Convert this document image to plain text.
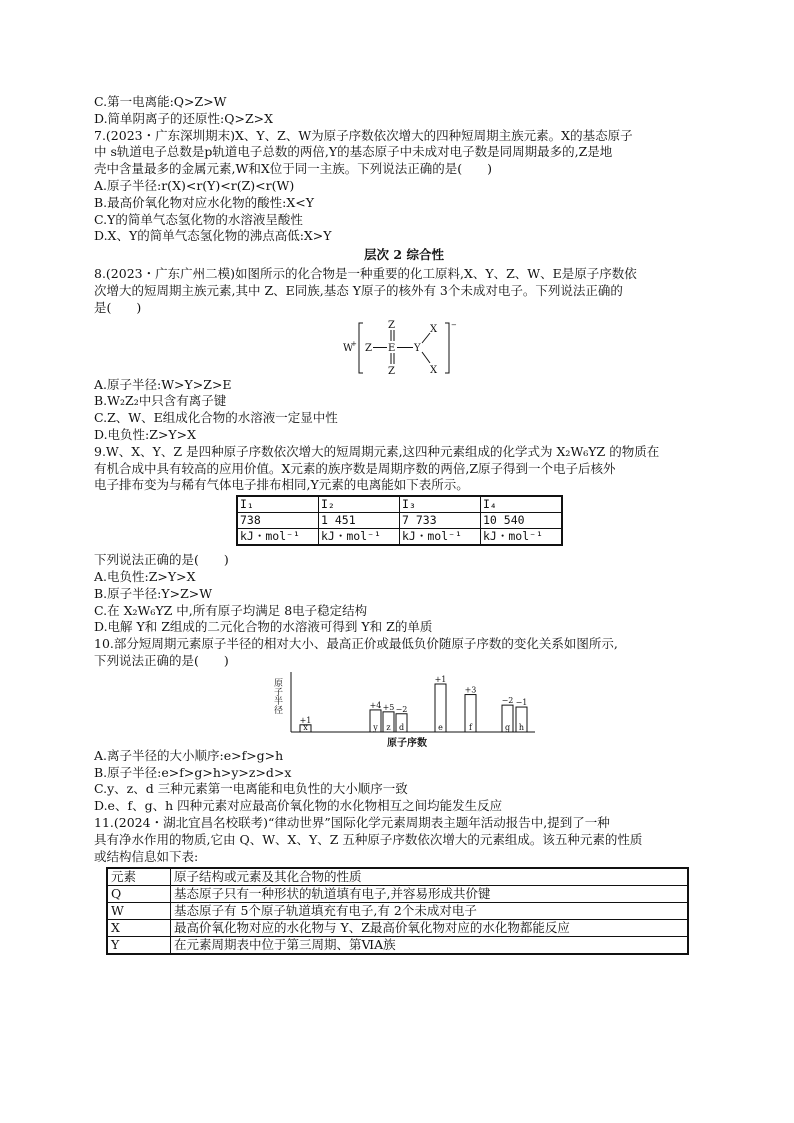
C.第一电离能:Q>Z>W
D.简单阴离子的还原性:Q>Z>X
7.(2023・广东深圳期末)X、Y、Z、W为原子序数依次增大的四种短周期主族元素。X的基态原子
中 s轨道电子总数是p轨道电子总数的两倍,Y的基态原子中未成对电子数是同周期最多的,Z是地
壳中含量最多的金属元素,W和X位于同一主族。下列说法正确的是(　　)
A.原子半径:r(X)<r(Y)<r(Z)<r(W)
B.最高价氧化物对应水化物的酸性:X<Y
C.Y的简单气态氢化物的水溶液呈酸性
D.X、Y的简单气态氢化物的沸点高低:X>Y
层次 2 综合性
8.(2023・广东广州二模)如图所示的化合物是一种重要的化工原料,X、Y、Z、W、E是原子序数依
次增大的短周期主族元素,其中 Z、E同族,基态 Y原子的核外有 3个未成对电子。下列说法正确的
是(　　)
W
+
−
Z E
Z
Z
Y
X
X
A.原子半径:W>Y>Z>E
B.W₂Z₂中只含有离子键
C.Z、W、E组成化合物的水溶液一定显中性
D.电负性:Z>Y>X
9.W、X、Y、Z 是四种原子序数依次增大的短周期元素,这四种元素组成的化学式为 X₂W₆YZ 的物质在
有机合成中具有较高的应用价值。X元素的族序数是周期序数的两倍,Z原子得到一个电子后核外
电子排布变为与稀有气体电子排布相同,Y元素的电离能如下表所示。
I₁	I₂	I₃	I₄
738	1 451	7 733	10 540
kJ・mol⁻¹	kJ・mol⁻¹	kJ・mol⁻¹	kJ・mol⁻¹
下列说法正确的是(　　)
A.电负性:Z>Y>X
B.原子半径:Y>Z>W
C.在 X₂W₆YZ 中,所有原子均满足 8电子稳定结构
D.电解 Y和 Z组成的二元化合物的水溶液可得到 Y和 Z的单质
10.部分短周期元素原子半径的相对大小、最高正价或最低负价随原子序数的变化关系如图所示,
下列说法正确的是(　　)
原子半径
原子序数
x
+1
y
+4
z
+5
d
−2
e
+1
f
+3
g
−2
h
−1
A.离子半径的大小顺序:e>f>g>h
B.原子半径:e>f>g>h>y>z>d>x
C.y、z、d 三种元素第一电离能和电负性的大小顺序一致
D.e、f、g、h 四种元素对应最高价氧化物的水化物相互之间均能发生反应
11.(2024・湖北宜昌名校联考)“律动世界”国际化学元素周期表主题年活动报告中,提到了一种
具有净水作用的物质,它由 Q、W、X、Y、Z 五种原子序数依次增大的元素组成。该五种元素的性质
或结构信息如下表:
元素	原子结构或元素及其化合物的性质
Q	基态原子只有一种形状的轨道填有电子,并容易形成共价键
W	基态原子有 5个原子轨道填充有电子,有 2个未成对电子
X	最高价氧化物对应的水化物与 Y、Z最高价氧化物对应的水化物都能反应
Y	在元素周期表中位于第三周期、第ⅥA族
